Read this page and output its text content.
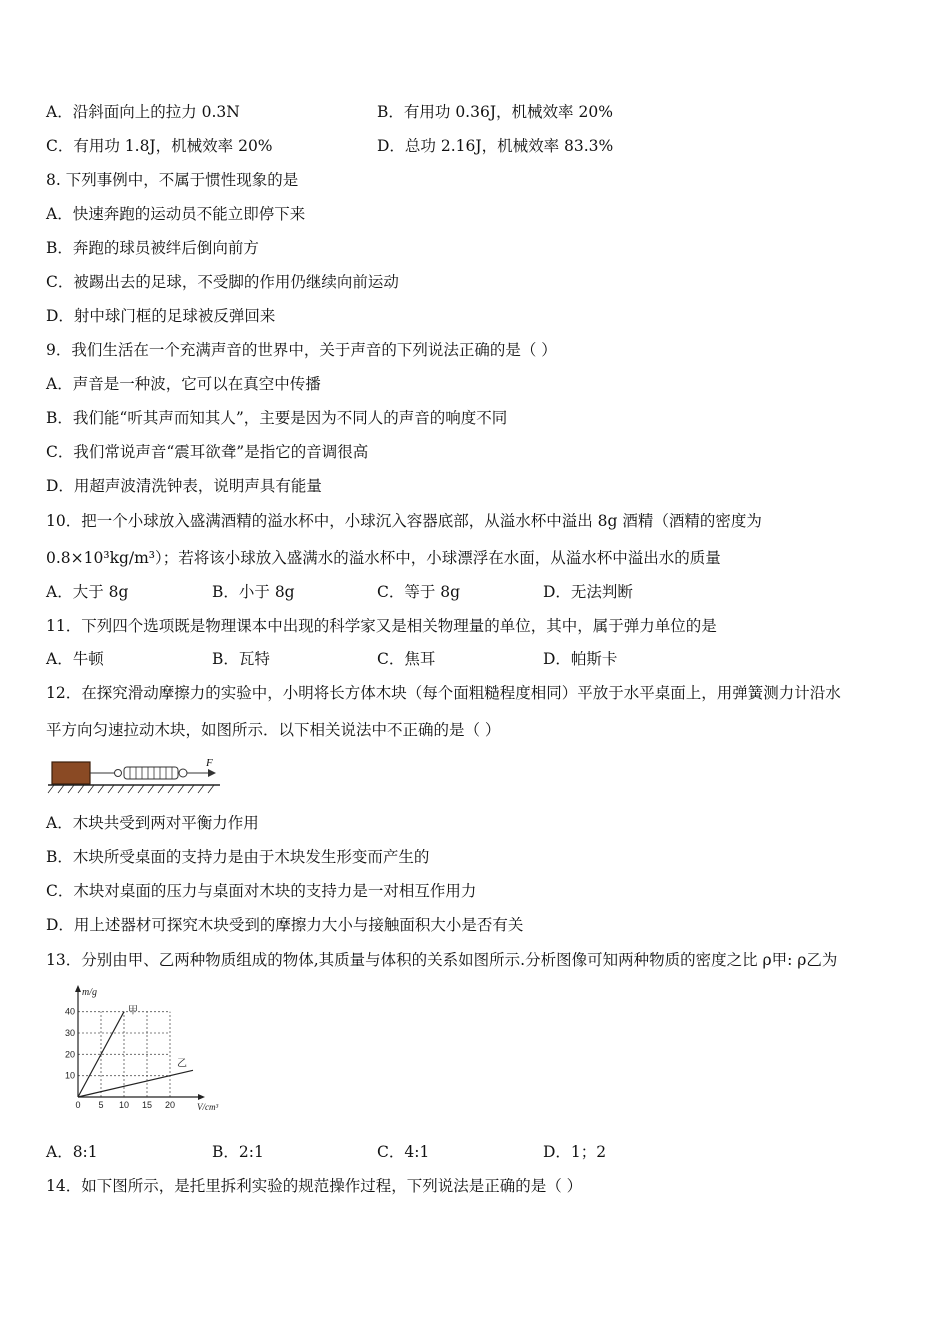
A．沿斜面向上的拉力 0.3N	B．有用功 0.36J，机械效率 20%
C．有用功 1.8J，机械效率 20%	D．总功 2.16J，机械效率 83.3%
8. 下列事例中，不属于惯性现象的是
A．快速奔跑的运动员不能立即停下来
B．奔跑的球员被绊后倒向前方
C．被踢出去的足球，不受脚的作用仍继续向前运动
D．射中球门框的足球被反弹回来
9．我们生活在一个充满声音的世界中，关于声音的下列说法正确的是（ ）
A．声音是一种波，它可以在真空中传播
B．我们能“听其声而知其人”，主要是因为不同人的声音的响度不同
C．我们常说声音“震耳欲聋”是指它的音调很高
D．用超声波清洗钟表，说明声具有能量
10．把一个小球放入盛满酒精的溢水杯中，小球沉入容器底部，从溢水杯中溢出 8g 酒精（酒精的密度为
0.8×10³kg/m³）；若将该小球放入盛满水的溢水杯中，小球漂浮在水面，从溢水杯中溢出水的质量
A．大于 8g	B．小于 8g	C．等于 8g	D．无法判断
11．下列四个选项既是物理课本中出现的科学家又是相关物理量的单位，其中，属于弹力单位的是
A．牛顿	B．瓦特	C．焦耳	D．帕斯卡
12．在探究滑动摩擦力的实验中，小明将长方体木块（每个面粗糙程度相同）平放于水平桌面上，用弹簧测力计沿水
平方向匀速拉动木块，如图所示．以下相关说法中不正确的是（ ）
F
A．木块共受到两对平衡力作用
B．木块所受桌面的支持力是由于木块发生形变而产生的
C．木块对桌面的压力与桌面对木块的支持力是一对相互作用力
D．用上述器材可探究木块受到的摩擦力大小与接触面积大小是否有关
13．分别由甲、乙两种物质组成的物体,其质量与体积的关系如图所示.分析图像可知两种物质的密度之比 ρ甲: ρ乙为
0 5 10 15 20
10
20
30
40
m/g
V/cm³
甲
乙
A．8:1	B．2:1	C．4:1	D．1；2
14．如下图所示，是托里拆利实验的规范操作过程，下列说法是正确的是（ ）
